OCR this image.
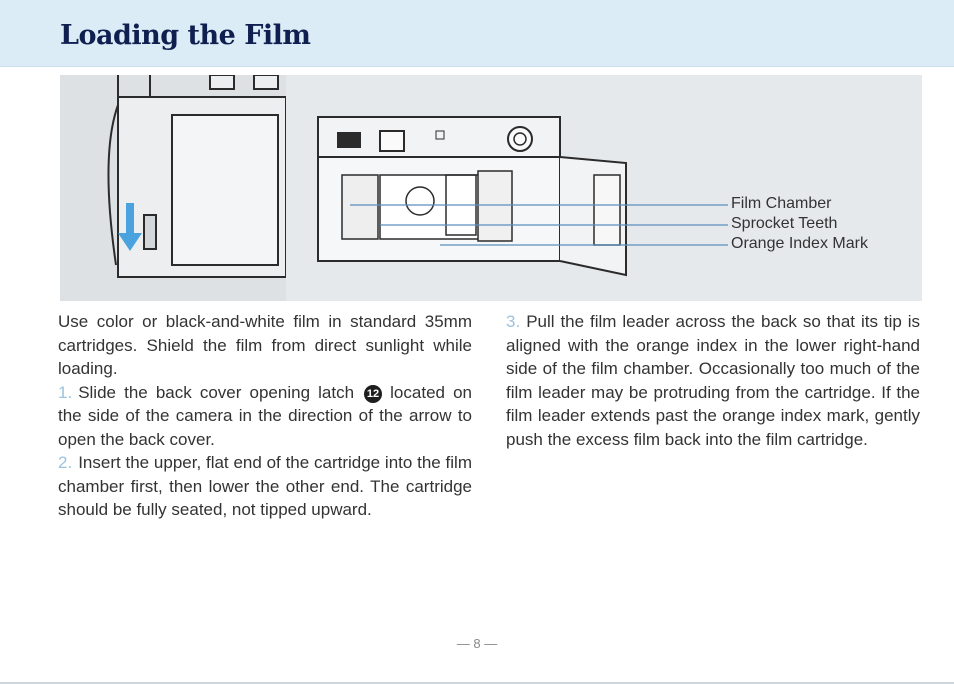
Loading the Film
Film Chamber
Sprocket Teeth
Orange Index Mark

Use color or black-and-white film in standard 35mm cartridges. Shield the film from direct sunlight while loading.

1. Slide the back cover opening latch 12 located on the side of the camera in the direction of the arrow to open the back cover.

2. Insert the upper, flat end of the cartridge into the film chamber first, then lower the other end. The cartridge should be fully seated, not tipped upward.

3. Pull the film leader across the back so that its tip is aligned with the orange index in the lower right-hand side of the film chamber. Occasionally too much of the film leader may be protruding from the cartridge. If the film leader extends past the orange index mark, gently push the excess film back into the film cartridge.

— 8 —
